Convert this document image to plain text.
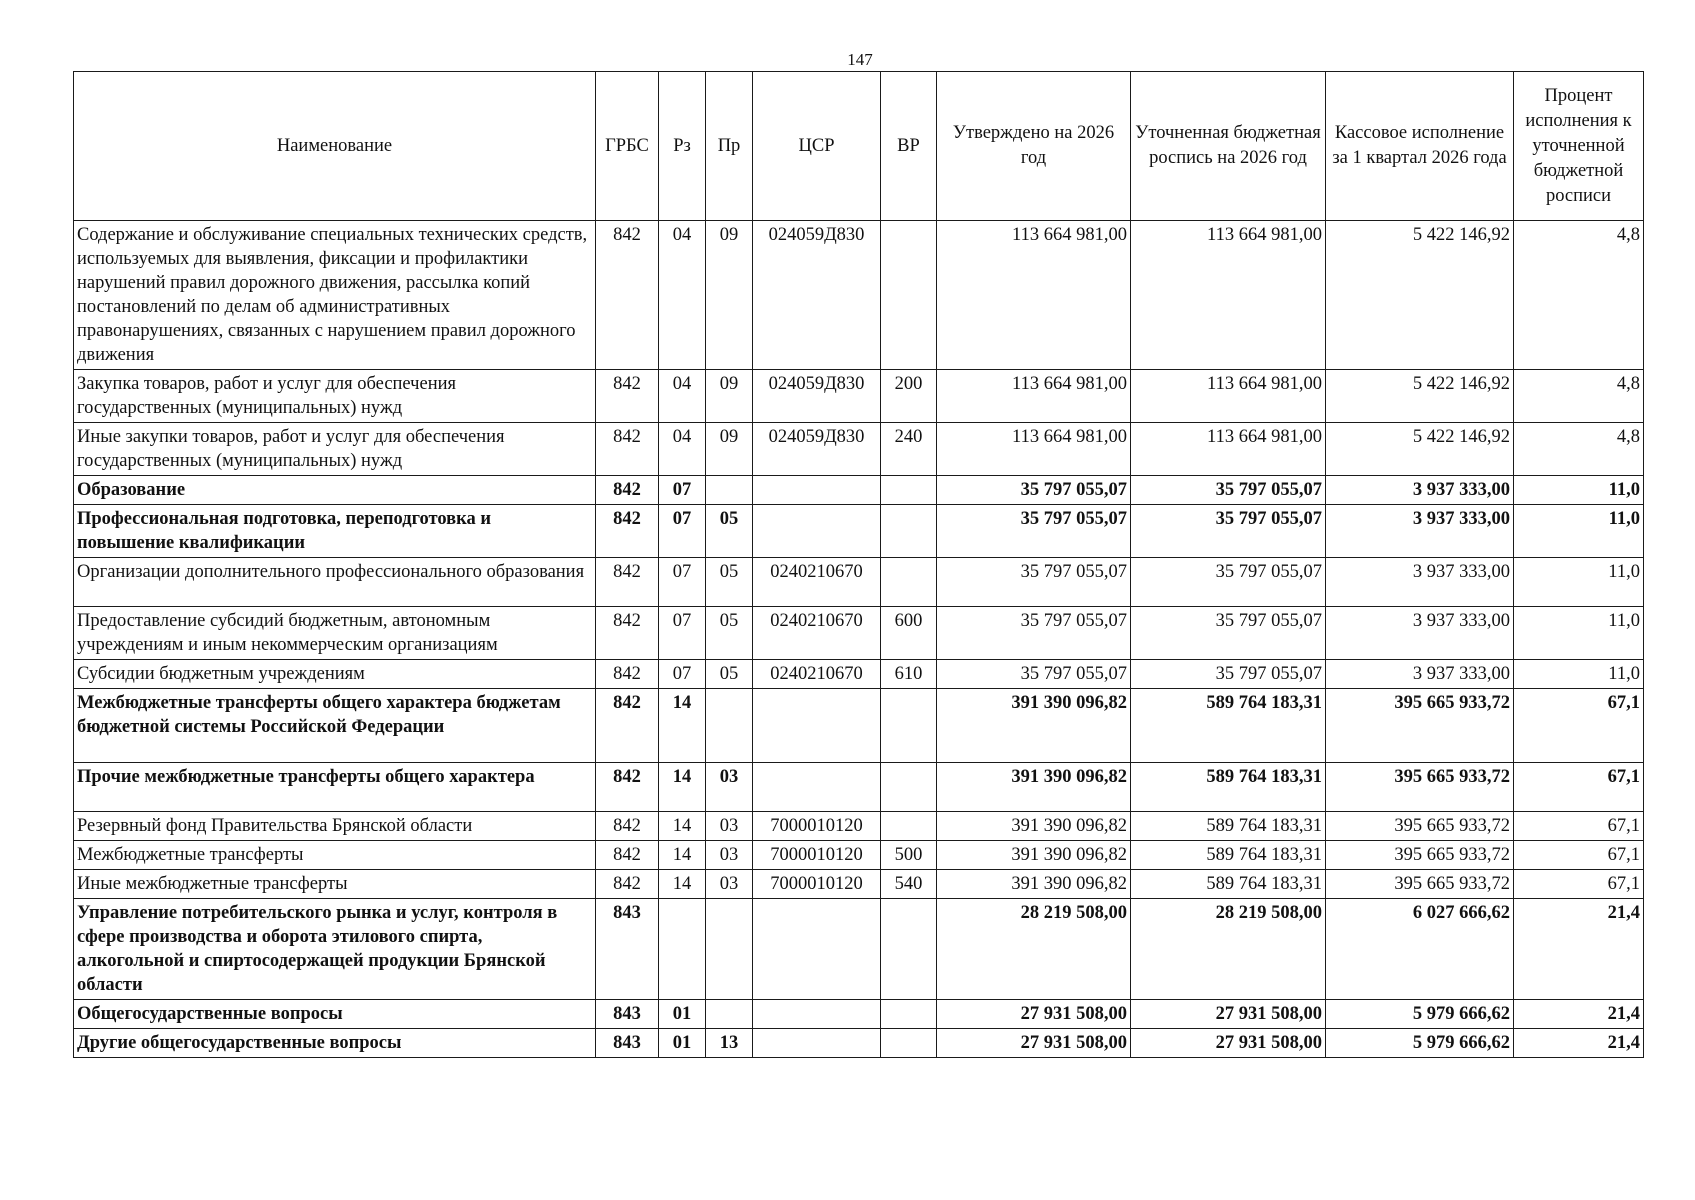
147
Наименование	ГРБС	Рз	Пр	ЦСР	ВР	Утверждено на 2026 год	Уточненная бюджетная роспись на 2026 год	Кассовое исполнение за 1 квартал 2026 года	Процент исполнения к уточненной бюджетной росписи
Содержание и обслуживание специальных технических средств, используемых для выявления, фиксации и профилактики нарушений правил дорожного движения, рассылка копий постановлений по делам об административных правонарушениях, связанных с нарушением правил дорожного движения	842	04	09	024059Д830		113 664 981,00	113 664 981,00	5 422 146,92	4,8
Закупка товаров, работ и услуг для обеспечения государственных (муниципальных) нужд	842	04	09	024059Д830	200	113 664 981,00	113 664 981,00	5 422 146,92	4,8
Иные закупки товаров, работ и услуг для обеспечения государственных (муниципальных) нужд	842	04	09	024059Д830	240	113 664 981,00	113 664 981,00	5 422 146,92	4,8
Образование	842	07				35 797 055,07	35 797 055,07	3 937 333,00	11,0
Профессиональная подготовка, переподготовка и повышение квалификации	842	07	05			35 797 055,07	35 797 055,07	3 937 333,00	11,0
Организации дополнительного профессионального образования	842	07	05	0240210670		35 797 055,07	35 797 055,07	3 937 333,00	11,0
Предоставление субсидий бюджетным, автономным учреждениям и иным некоммерческим организациям	842	07	05	0240210670	600	35 797 055,07	35 797 055,07	3 937 333,00	11,0
Субсидии бюджетным учреждениям	842	07	05	0240210670	610	35 797 055,07	35 797 055,07	3 937 333,00	11,0
Межбюджетные трансферты общего характера бюджетам бюджетной системы Российской Федерации	842	14				391 390 096,82	589 764 183,31	395 665 933,72	67,1
Прочие межбюджетные трансферты общего характера	842	14	03			391 390 096,82	589 764 183,31	395 665 933,72	67,1
Резервный фонд Правительства Брянской области	842	14	03	7000010120		391 390 096,82	589 764 183,31	395 665 933,72	67,1
Межбюджетные трансферты	842	14	03	7000010120	500	391 390 096,82	589 764 183,31	395 665 933,72	67,1
Иные межбюджетные трансферты	842	14	03	7000010120	540	391 390 096,82	589 764 183,31	395 665 933,72	67,1
Управление потребительского рынка и услуг, контроля в сфере производства и оборота этилового спирта, алкогольной и спиртосодержащей продукции Брянской области	843					28 219 508,00	28 219 508,00	6 027 666,62	21,4
Общегосударственные вопросы	843	01				27 931 508,00	27 931 508,00	5 979 666,62	21,4
Другие общегосударственные вопросы	843	01	13			27 931 508,00	27 931 508,00	5 979 666,62	21,4
